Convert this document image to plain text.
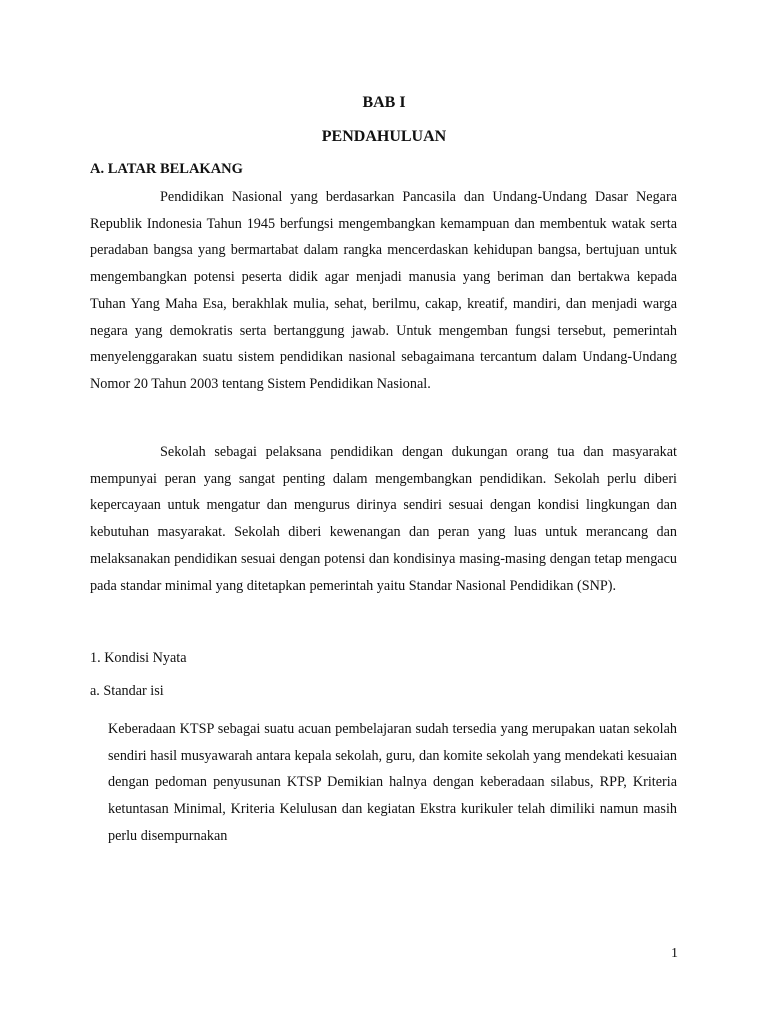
BAB I
PENDAHULUAN
A. LATAR BELAKANG

Pendidikan Nasional yang berdasarkan Pancasila dan Undang-Undang Dasar Negara Republik Indonesia Tahun 1945 berfungsi mengembangkan kemampuan dan membentuk watak serta peradaban bangsa yang bermartabat dalam rangka mencerdaskan kehidupan bangsa, bertujuan untuk mengembangkan potensi peserta didik agar menjadi manusia yang beriman dan bertakwa kepada Tuhan Yang Maha Esa, berakhlak mulia, sehat, berilmu, cakap, kreatif, mandiri, dan menjadi warga negara yang demokratis serta bertanggung jawab. Untuk mengemban fungsi tersebut, pemerintah menyelenggarakan suatu sistem pendidikan nasional sebagaimana tercantum dalam Undang-Undang Nomor 20 Tahun 2003 tentang Sistem Pendidikan Nasional.

Sekolah sebagai pelaksana pendidikan dengan dukungan orang tua dan masyarakat mempunyai peran yang sangat penting dalam mengembangkan pendidikan. Sekolah perlu diberi kepercayaan untuk mengatur dan mengurus dirinya sendiri sesuai dengan kondisi lingkungan dan kebutuhan masyarakat. Sekolah diberi kewenangan dan peran yang luas untuk merancang dan melaksanakan pendidikan sesuai dengan potensi dan kondisinya masing-masing dengan tetap mengacu pada standar minimal yang ditetapkan pemerintah yaitu Standar Nasional Pendidikan (SNP).

1. Kondisi Nyata
a. Standar isi

Keberadaan KTSP sebagai suatu acuan pembelajaran sudah tersedia yang merupakan uatan sekolah sendiri hasil musyawarah antara kepala sekolah, guru, dan komite sekolah yang mendekati kesuaian dengan pedoman penyusunan KTSP Demikian halnya dengan keberadaan silabus, RPP, Kriteria ketuntasan Minimal, Kriteria Kelulusan dan kegiatan Ekstra kurikuler telah dimiliki namun masih perlu disempurnakan

1
